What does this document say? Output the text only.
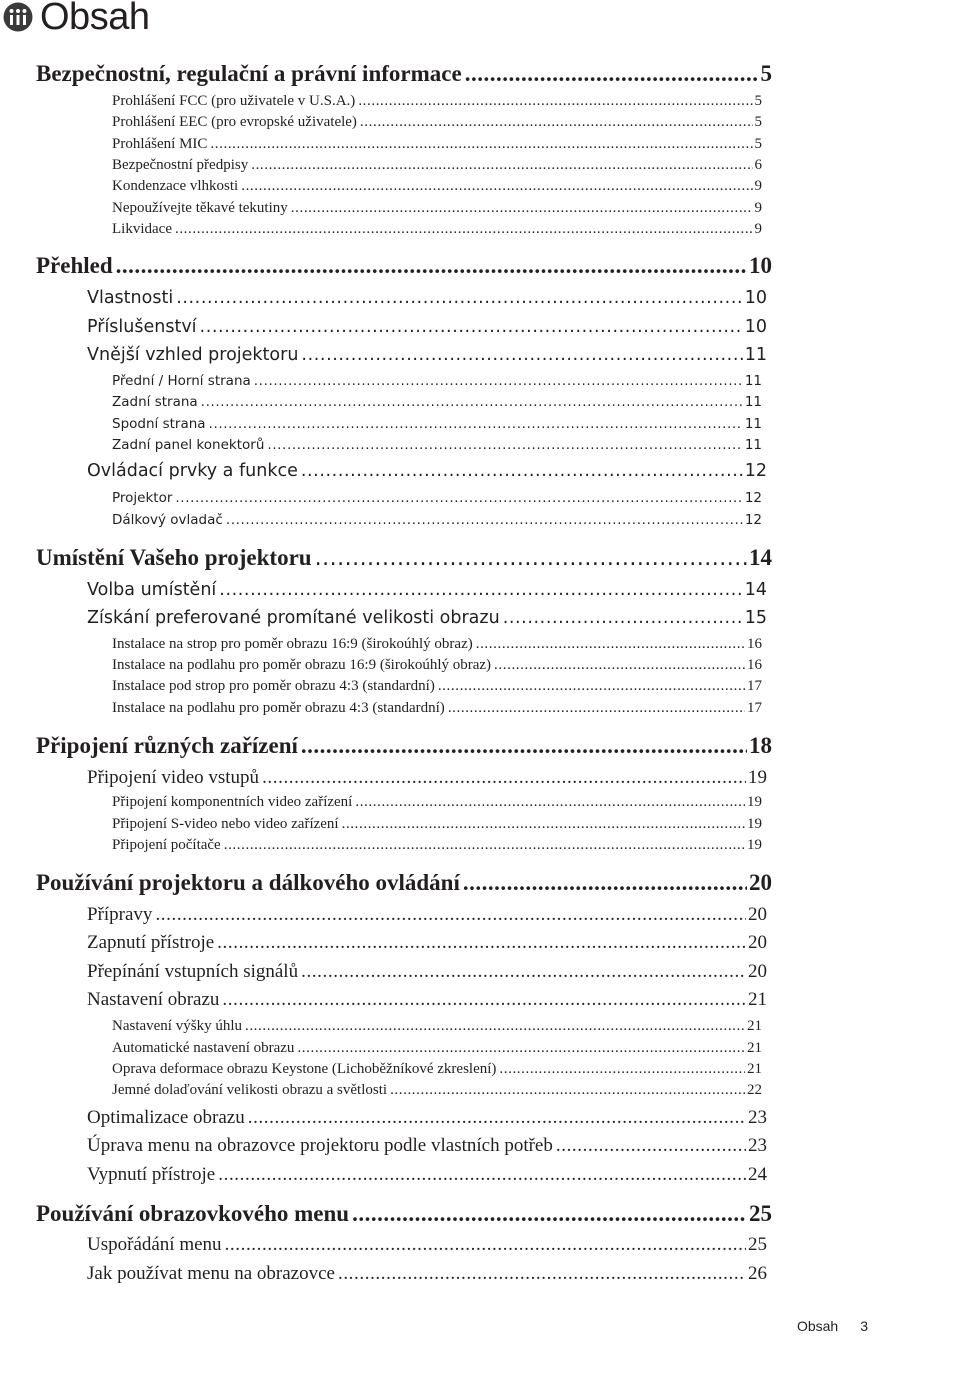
Obsah
Bezpečnostní, regulační a právní informace .....	5
Prohlášení FCC (pro uživatele v U.S.A.) .....	5
Prohlášení EEC (pro evropské uživatele) .....	5
Prohlášení MIC .....	5
Bezpečnostní předpisy .....	6
Kondenzace vlhkosti .....	9
Nepoužívejte těkavé tekutiny .....	9
Likvidace .....	9
Přehled .....	10
Vlastnosti .....	10
Příslušenství .....	10
Vnější vzhled projektoru .....	11
Přední / Horní strana .....	11
Zadní strana .....	11
Spodní strana .....	11
Zadní panel konektorů .....	11
Ovládací prvky a funkce .....	12
Projektor .....	12
Dálkový ovladač .....	12
Umístění Vašeho projektoru .....	14
Volba umístění .....	14
Získání preferované promítané velikosti obrazu .....	15
Instalace na strop pro poměr obrazu 16:9 (širokoúhlý obraz) .....	16
Instalace na podlahu pro poměr obrazu 16:9 (širokoúhlý obraz) .....	16
Instalace pod strop pro poměr obrazu 4:3 (standardní) .....	17
Instalace na podlahu pro poměr obrazu 4:3 (standardní) .....	17
Připojení různých zařízení .....	18
Připojení video vstupů .....	19
Připojení komponentních video zařízení .....	19
Připojení S-video nebo video zařízení .....	19
Připojení počítače .....	19
Používání projektoru a dálkového ovládání .....	20
Přípravy .....	20
Zapnutí přístroje .....	20
Přepínání vstupních signálů .....	20
Nastavení obrazu .....	21
Nastavení výšky úhlu .....	21
Automatické nastavení obrazu .....	21
Oprava deformace obrazu Keystone (Lichoběžníkové zkreslení) .....	21
Jemné dolaďování velikosti obrazu a světlosti .....	22
Optimalizace obrazu .....	23
Úprava menu na obrazovce projektoru podle vlastních potřeb .....	23
Vypnutí přístroje .....	24
Používání obrazovkového menu .....	25
Uspořádání menu .....	25
Jak používat menu na obrazovce .....	26
Obsah 3
